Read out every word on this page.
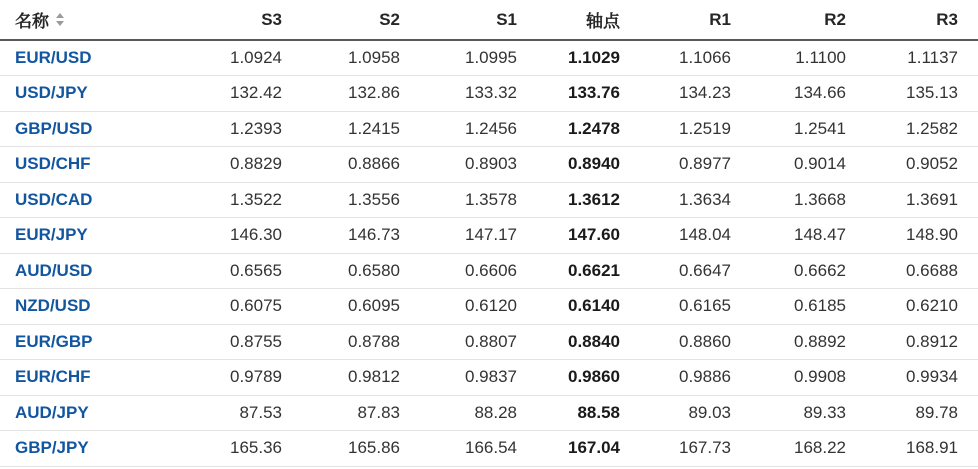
名称	S3	S2	S1	轴点	R1	R2	R3
EUR/USD	1.0924	1.0958	1.0995	1.1029	1.1066	1.1100	1.1137
USD/JPY	132.42	132.86	133.32	133.76	134.23	134.66	135.13
GBP/USD	1.2393	1.2415	1.2456	1.2478	1.2519	1.2541	1.2582
USD/CHF	0.8829	0.8866	0.8903	0.8940	0.8977	0.9014	0.9052
USD/CAD	1.3522	1.3556	1.3578	1.3612	1.3634	1.3668	1.3691
EUR/JPY	146.30	146.73	147.17	147.60	148.04	148.47	148.90
AUD/USD	0.6565	0.6580	0.6606	0.6621	0.6647	0.6662	0.6688
NZD/USD	0.6075	0.6095	0.6120	0.6140	0.6165	0.6185	0.6210
EUR/GBP	0.8755	0.8788	0.8807	0.8840	0.8860	0.8892	0.8912
EUR/CHF	0.9789	0.9812	0.9837	0.9860	0.9886	0.9908	0.9934
AUD/JPY	87.53	87.83	88.28	88.58	89.03	89.33	89.78
GBP/JPY	165.36	165.86	166.54	167.04	167.73	168.22	168.91
